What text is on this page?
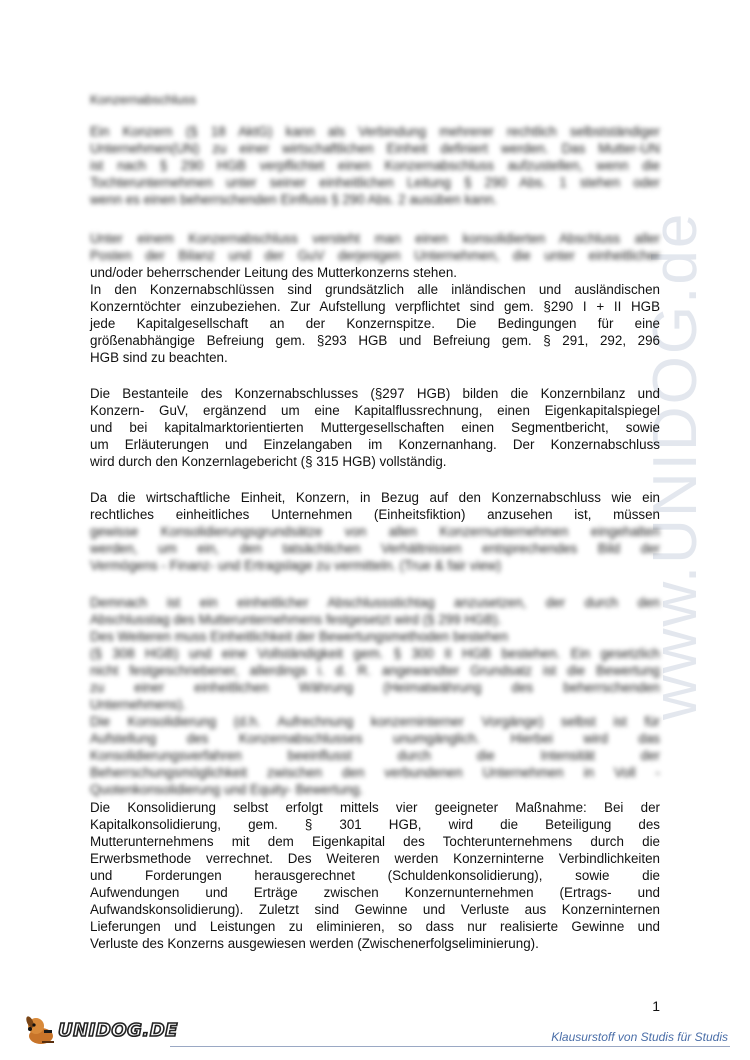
www.UNIDOG.de
Konzernabschluss
Ein Konzern (§ 18 AktG) kann als Verbindung mehrerer rechtlich selbstständiger
Unternehmen(UN) zu einer wirtschaftlichen Einheit definiert werden. Das Mutter-UN
ist nach § 290 HGB verpflichtet einen Konzernabschluss aufzustellen, wenn die
Tochterunternehmen unter seiner einheitlichen Leitung § 290 Abs. 1 stehen oder
wenn es einen beherrschenden Einfluss § 290 Abs. 2 ausüben kann.
Unter einem Konzernabschluss versteht man einen konsolidierten Abschluss aller
Posten der Bilanz und der GuV derjenigen Unternehmen, die unter einheitlicher
und/oder beherrschender Leitung des Mutterkonzerns stehen.
In den Konzernabschlüssen sind grundsätzlich alle inländischen und ausländischen
Konzerntöchter einzubeziehen. Zur Aufstellung verpflichtet sind gem. §290 I + II HGB
jede Kapitalgesellschaft an der Konzernspitze. Die Bedingungen für eine
größenabhängige Befreiung gem. §293 HGB und Befreiung gem. § 291, 292, 296
HGB sind zu beachten.
Die Bestanteile des Konzernabschlusses (§297 HGB) bilden die Konzernbilanz und
Konzern- GuV, ergänzend um eine Kapitalflussrechnung, einen Eigenkapitalspiegel
und bei kapitalmarktorientierten Muttergesellschaften einen Segmentbericht, sowie
um Erläuterungen und Einzelangaben im Konzernanhang. Der Konzernabschluss
wird durch den Konzernlagebericht (§ 315 HGB) vollständig.
Da die wirtschaftliche Einheit, Konzern, in Bezug auf den Konzernabschluss wie ein
rechtliches einheitliches Unternehmen (Einheitsfiktion) anzusehen ist, müssen
gewisse Konsolidierungsgrundsätze von allen Konzernunternehmen eingehalten
werden, um ein, den tatsächlichen Verhältnissen entsprechendes Bild der
Vermögens - Finanz- und Ertragslage zu vermitteln. (True & fair view)
Demnach ist ein einheitlicher Abschlussstichtag anzusetzen, der durch den
Abschlusstag des Mutterunternehmens festgesetzt wird (§ 299 HGB).
Des Weiteren muss Einheitlichkeit der Bewertungsmethoden bestehen
(§ 308 HGB) und eine Vollständigkeit gem. § 300 II HGB bestehen. Ein gesetzlich
nicht festgeschriebener, allerdings i. d. R. angewandter Grundsatz ist die Bewertung
zu einer einheitlichen Währung (Heimatwährung des beherrschenden
Unternehmens).
Die Konsolidierung (d.h. Aufrechnung konzerninterner Vorgänge) selbst ist für
Aufstellung des Konzernabschlusses unumgänglich. Hierbei wird das
Konsolidierungsverfahren beeinflusst durch die Intensität der
Beherrschungsmöglichkeit zwischen den verbundenen Unternehmen in Voll -
Quotenkonsolidierung und Equity- Bewertung.
Die Konsolidierung selbst erfolgt mittels vier geeigneter Maßnahme: Bei der
Kapitalkonsolidierung, gem. § 301 HGB, wird die Beteiligung des
Mutterunternehmens mit dem Eigenkapital des Tochterunternehmens durch die
Erwerbsmethode verrechnet. Des Weiteren werden Konzerninterne Verbindlichkeiten
und Forderungen herausgerechnet (Schuldenkonsolidierung), sowie die
Aufwendungen und Erträge zwischen Konzernunternehmen (Ertrags- und
Aufwandskonsolidierung). Zuletzt sind Gewinne und Verluste aus Konzerninternen
Lieferungen und Leistungen zu eliminieren, so dass nur realisierte Gewinne und
Verluste des Konzerns ausgewiesen werden (Zwischenerfolgseliminierung).
1
UNIDOG.DE	Klausurstoff von Studis für Studis
